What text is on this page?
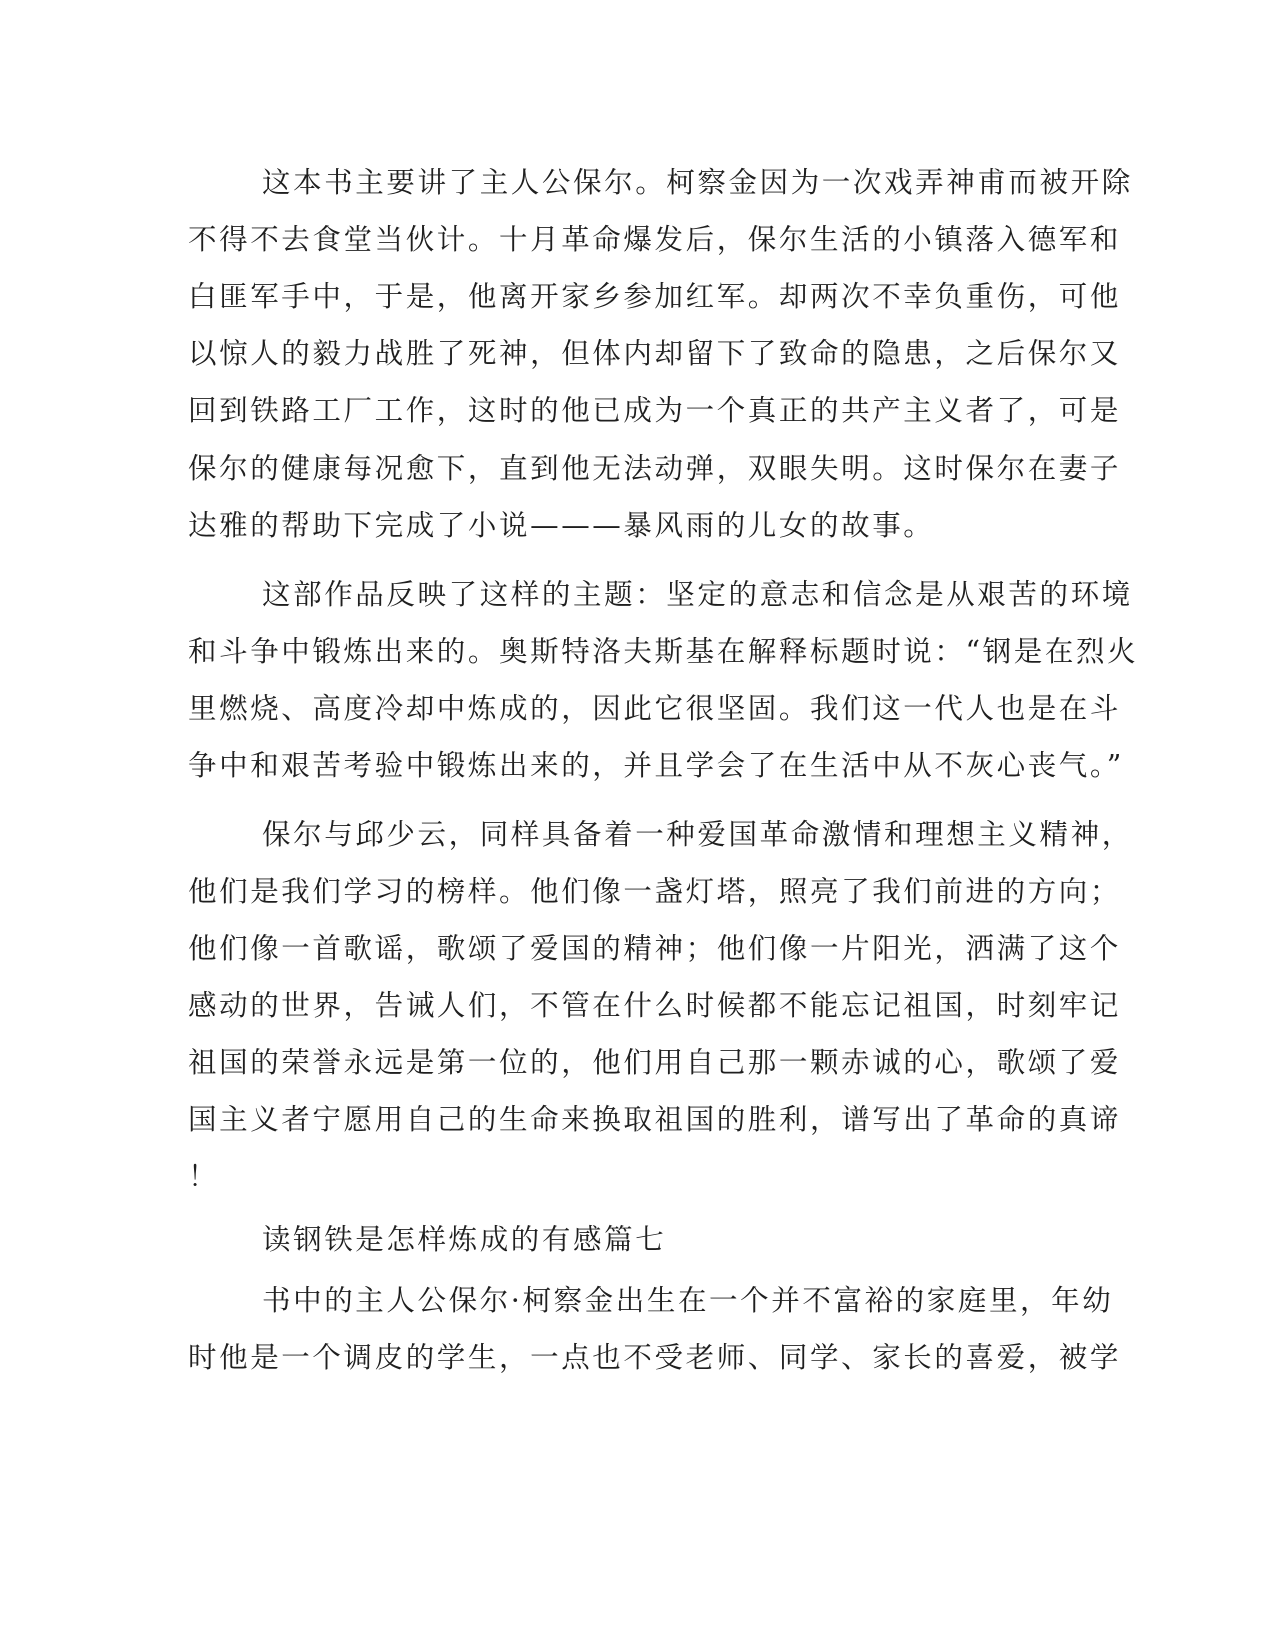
这本书主要讲了主人公保尔。柯察金因为一次戏弄神甫而被开除
不得不去食堂当伙计。十月革命爆发后，保尔生活的小镇落入德军和
白匪军手中，于是，他离开家乡参加红军。却两次不幸负重伤，可他
以惊人的毅力战胜了死神，但体内却留下了致命的隐患，之后保尔又
回到铁路工厂工作，这时的他已成为一个真正的共产主义者了，可是
保尔的健康每况愈下，直到他无法动弹，双眼失明。这时保尔在妻子
达雅的帮助下完成了小说———暴风雨的儿女的故事。
这部作品反映了这样的主题：坚定的意志和信念是从艰苦的环境
和斗争中锻炼出来的。奥斯特洛夫斯基在解释标题时说：“钢是在烈火
里燃烧、高度冷却中炼成的，因此它很坚固。我们这一代人也是在斗
争中和艰苦考验中锻炼出来的，并且学会了在生活中从不灰心丧气。”
保尔与邱少云，同样具备着一种爱国革命激情和理想主义精神，
他们是我们学习的榜样。他们像一盏灯塔，照亮了我们前进的方向；
他们像一首歌谣，歌颂了爱国的精神；他们像一片阳光，洒满了这个
感动的世界，告诫人们，不管在什么时候都不能忘记祖国，时刻牢记
祖国的荣誉永远是第一位的，他们用自己那一颗赤诚的心，歌颂了爱
国主义者宁愿用自己的生命来换取祖国的胜利，谱写出了革命的真谛
！
读钢铁是怎样炼成的有感篇七
书中的主人公保尔·柯察金出生在一个并不富裕的家庭里，年幼
时他是一个调皮的学生，一点也不受老师、同学、家长的喜爱，被学
